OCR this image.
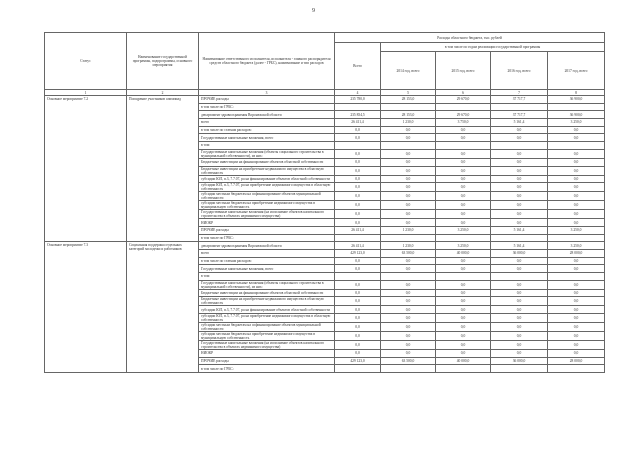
9
Статус	Наименование государственной программы, подпрограммы, основного мероприятия	Наименование ответственного исполнителя, исполнителя - главного распорядителя средств областного бюджета (далее - ГРБС), наименование и тип расходов	Расходы областного бюджета, тыс. рублей				
			Всего	в том числе по годам реализации государственной программы			
				2014 год, всего	2015 год, всего	2016 год, всего	2017 год, всего
1	2	3	4	5	6	7	8
Основное мероприятие 7.2	Поощрение участников олимпиад	ПРОЧИЕ расходы	235 780,0	28 153,0	29 670,0	37 717,7	36 900,0
		в том числе по ГРБС:					
		департамент здравоохранения Воронежской области	235 854,5	28 153,0	29 670,0	37 717,7	36 900,0
		всего	26 411,4	1 230,0	3 750,0	5 161,4	3 250,0
		в том числе по статьям расходов:	0,0	0,0	0,0	0,0	0,0
		Государственные капитальные вложения, всего	0,0	0,0	0,0	0,0	0,0
		в том:					
		Государственные капитальные вложения (объекты социального строительства в муниципальной собственности), из них:	0,0	0,0	0,0	0,0	0,0
		Бюджетные инвестиции на финансирование объектов областной собственности	0,0	0,0	0,0	0,0	0,0
		Бюджетные инвестиции на приобретение недвижимого имущества в областную собственность	0,0	0,0	0,0	0,0	0,0
		субсидии ЮЛ, п.3, 7.7.07, ра на финансирование объектов областной собственности	0,0	0,0	0,0	0,0	0,0
		субсидии ЮЛ, п.3, 7.7.07, ра на приобретение недвижимого имущества в областную собственность	0,0	0,0	0,0	0,0	0,0
		субсидии местным бюджетам на софинансирование объектов муниципальной собственности	0,0	0,0	0,0	0,0	0,0
		субсидии местным бюджетам на приобретение недвижимого имущества в муниципальную собственность	0,0	0,0	0,0	0,0	0,0
		Государственные капитальные вложения (на исполнение объектов капитального строительства в объектах недвижимого имущества)	0,0	0,0	0,0	0,0	0,0
		НИОКР	0,0	0,0	0,0	0,0	0,0
		ПРОЧИЕ расходы	26 411,4	1 230,0	3 250,0	5 161,4	3 250,0
		в том числе по ГРБС:					
Основное мероприятие 7.3	Социальная поддержка отдельных категорий молодежи и работников	департамент здравоохранения Воронежской области	26 411,4	1 230,0	3 250,0	5 161,4	3 250,0
		всего	429 123,0	63 500,0	40 000,0	36 000,0	28 000,0
		в том числе по статьям расходов:	0,0	0,0	0,0	0,0	0,0
		Государственные капитальные вложения, всего	0,0	0,0	0,0	0,0	0,0
		в том:					
		Государственные капитальные вложения (объекты социального строительства в муниципальной собственности), из них:	0,0	0,0	0,0	0,0	0,0
		Бюджетные инвестиции на финансирование объектов областной собственности	0,0	0,0	0,0	0,0	0,0
		Бюджетные инвестиции на приобретение недвижимого имущества в областную собственность	0,0	0,0	0,0	0,0	0,0
		субсидии ЮЛ, п.3, 7.7.07, ра на финансирование объектов областной собственности	0,0	0,0	0,0	0,0	0,0
		субсидии ЮЛ, п.3, 7.7.07, ра на приобретение недвижимого имущества в областную собственность	0,0	0,0	0,0	0,0	0,0
		субсидии местным бюджетам на софинансирование объектов муниципальной собственности	0,0	0,0	0,0	0,0	0,0
		субсидии местным бюджетам на приобретение недвижимого имущества в муниципальную собственность	0,0	0,0	0,0	0,0	0,0
		Государственные капитальные вложения (на исполнение объектов капитального строительства в объектах недвижимого имущества)	0,0	0,0	0,0	0,0	0,0
		НИОКР	0,0	0,0	0,0	0,0	0,0
		ПРОЧИЕ расходы	429 123,0	63 500,0	40 000,0	36 000,0	28 000,0
		в том числе по ГРБС:					
